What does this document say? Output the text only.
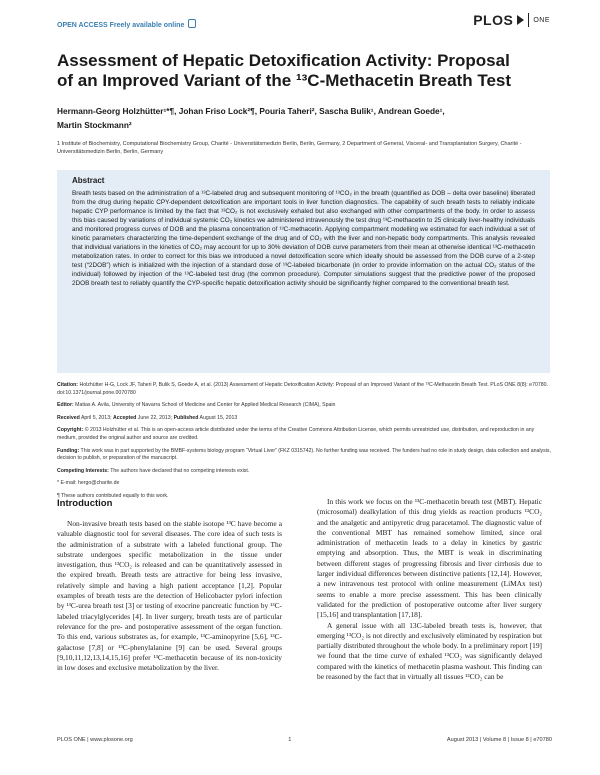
OPEN ACCESS Freely available online	PLOS	ONE

Assessment of Hepatic Detoxification Activity: Proposal

of an Improved Variant of the ¹³C-Methacetin Breath Test

Hermann-Georg Holzhütter¹*¶, Johan Friso Lock²¶, Pouria Taheri², Sascha Bulik¹, Andrean Goede¹,

Martin Stockmann²

1 Institute of Biochemistry, Computational Biochemistry Group, Charité - Universitätsmedizin Berlin, Berlin, Germany, 2 Department of General, Visceral- and Transplantation Surgery, Charité - Universitätsmedizin Berlin, Berlin, Germany
Abstract

Breath tests based on the administration of a ¹³C-labeled drug and subsequent monitoring of ¹³CO₂ in the breath (quantified as DOB – delta over baseline) liberated from the drug during hepatic CPY-dependent detoxification are important tools in liver function diagnostics. The capability of such breath tests to reliably indicate hepatic CYP performance is limited by the fact that ¹³CO₂ is not exclusively exhaled but also exchanged with other compartments of the body. In order to assess this bias caused by variations of individual systemic CO₂ kinetics we administered intravenously the test drug ¹³C-methacetin to 25 clinically liver-healthy individuals and monitored progress curves of DOB and the plasma concentration of ¹³C-methacetin. Applying compartment modelling we estimated for each individual a set of kinetic parameters characterizing the time-dependent exchange of the drug and of CO₂ with the liver and non-hepatic body compartments. This analysis revealed that individual variations in the kinetics of CO₂ may account for up to 30% deviation of DOB curve parameters from their mean at otherwise identical ¹³C-methacetin metabolization rates. In order to correct for this bias we introduced a novel detoxification score which ideally should be assessed from the DOB curve of a 2-step test (“2DOB”) which is initialized with the injection of a standard dose of ¹³C-labeled bicarbonate (in order to provide information on the actual CO₂ status of the individual) followed by injection of the ¹³C-labeled test drug (the common procedure). Computer simulations suggest that the predictive power of the proposed 2DOB breath test to reliably quantify the CYP-specific hepatic detoxification activity should be significantly higher compared to the conventional breath test.

Citation: Holzhütter H-G, Lock JF, Taheri P, Bulik S, Goede A, et al. (2013) Assessment of Hepatic Detoxification Activity: Proposal of an Improved Variant of the ¹³C-Methacetin Breath Test. PLoS ONE 8(8): e70780. doi:10.1371/journal.pone.0070780

Editor: Matias A. Avila, University of Navarra School of Medicine and Center for Applied Medical Research (CIMA), Spain

Received April 5, 2013; Accepted June 22, 2013; Published August 15, 2013

Copyright: © 2013 Holzhütter et al. This is an open-access article distributed under the terms of the Creative Commons Attribution License, which permits unrestricted use, distribution, and reproduction in any medium, provided the original author and source are credited.

Funding: This work was in part supported by the BMBF-systems biology program “Virtual Liver” (FKZ 0315742). No further funding was received. The funders had no role in study design, data collection and analysis, decision to publish, or preparation of the manuscript.

Competing Interests: The authors have declared that no competing interests exist.

* E-mail: hergo@charite.de

¶ These authors contributed equally to this work.

Introduction

Non-invasive breath tests based on the stable isotope ¹³C have become a valuable diagnostic tool for several diseases. The core idea of such tests is the administration of a substrate with a labeled functional group. The substrate undergoes specific metabolization in the tissue under investigation, thus ¹³CO₂ is released and can be quantitatively assessed in the expired breath. Breath tests are attractive for being less invasive, relatively simple and having a high patient acceptance [1,2]. Popular examples of breath tests are the detection of Helicobacter pylori infection by ¹³C-urea breath test [3] or testing of exocrine pancreatic function by ¹³C-labeled triacylglycerides [4]. In liver surgery, breath tests are of particular relevance for the pre- and postoperative assessment of the organ function. To this end, various substrates as, for example, ¹³C-aminopyrine [5,6], ¹³C-galactose [7,8] or ¹³C-phenylalanine [9] can be used. Several groups [9,10,11,12,13,14,15,16] prefer ¹³C-methacetin because of its non-toxicity in low doses and exclusive metabolization by the liver.

In this work we focus on the ¹³C-methacetin breath test (MBT). Hepatic (microsomal) dealkylation of this drug yields as reaction products ¹³CO₂ and the analgetic and antipyretic drug paracetamol. The diagnostic value of the conventional MBT has remained somehow limited, since oral administration of methacetin leads to a delay in kinetics by gastric emptying and absorption. Thus, the MBT is weak in discriminating between different stages of progressing fibrosis and liver cirrhosis due to larger individual differences between distinctive patients [12,14]. However, a new intravenous test protocol with online measurement (LiMAx test) seems to enable a more precise assessment. This has been clinically validated for the prediction of postoperative outcome after liver surgery [15,16] and transplantation [17,18].

A general issue with all 13C-labeled breath tests is, however, that emerging ¹³CO₂ is not directly and exclusively eliminated by respiration but partially distributed throughout the whole body. In a preliminary report [19] we found that the time curve of exhaled ¹³CO₂ was significantly delayed compared with the kinetics of methacetin plasma washout. This finding can be reasoned by the fact that in virtually all tissues ¹³CO₂ can be

PLOS ONE | www.plosone.org	1	August 2013 | Volume 8 | Issue 8 | e70780
